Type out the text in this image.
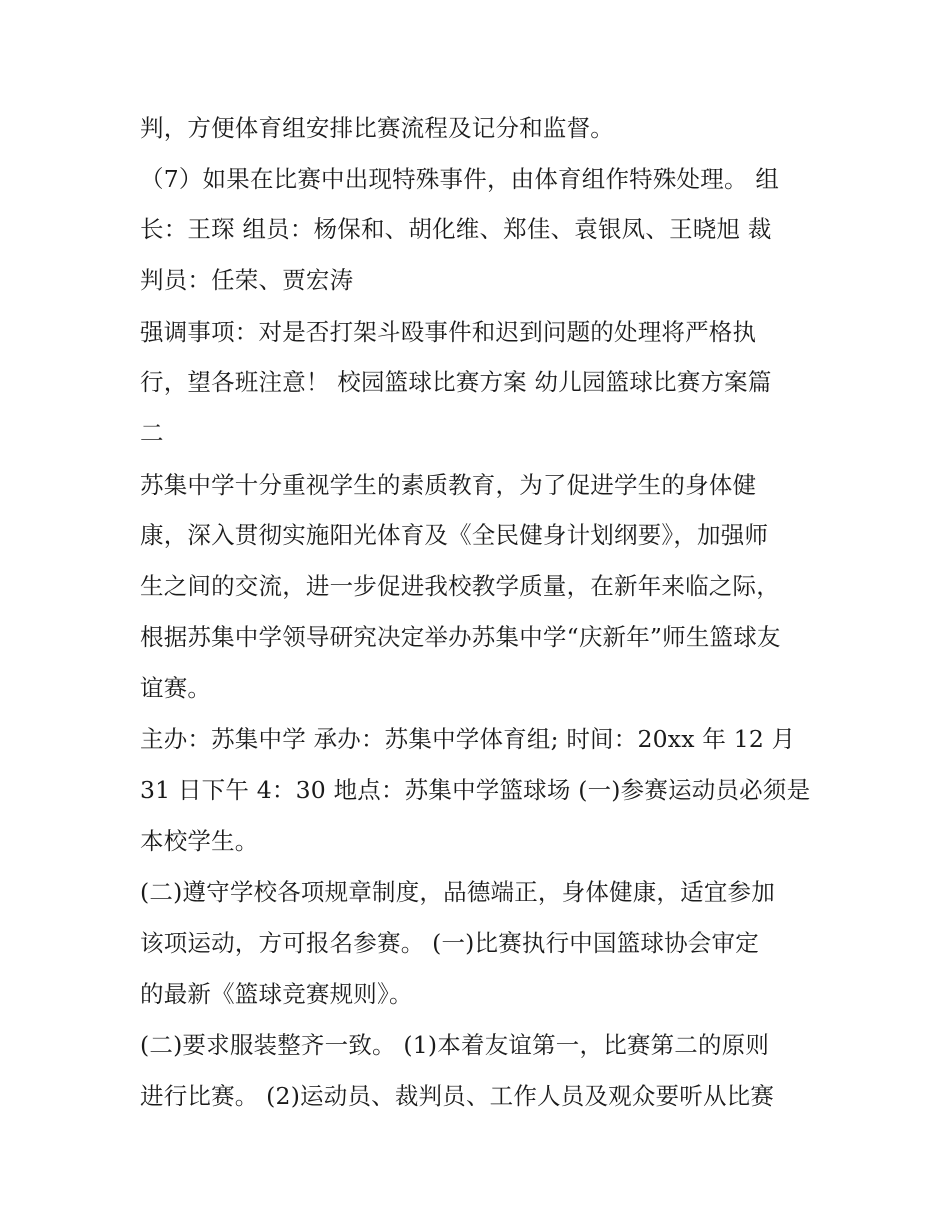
判，方便体育组安排比赛流程及记分和监督。

（7）如果在比赛中出现特殊事件，由体育组作特殊处理。 组

长：王琛 组员：杨保和、胡化维、郑佳、袁银凤、王晓旭 裁

判员：任荣、贾宏涛

强调事项：对是否打架斗殴事件和迟到问题的处理将严格执

行，望各班注意！ 校园篮球比赛方案 幼儿园篮球比赛方案篇

二

苏集中学十分重视学生的素质教育，为了促进学生的身体健

康，深入贯彻实施阳光体育及《全民健身计划纲要》，加强师

生之间的交流，进一步促进我校教学质量，在新年来临之际，

根据苏集中学领导研究决定举办苏集中学“庆新年”师生篮球友

谊赛。

主办：苏集中学 承办：苏集中学体育组; 时间：20xx 年 12 月

31 日下午 4：30 地点：苏集中学篮球场 (一)参赛运动员必须是

本校学生。

(二)遵守学校各项规章制度，品德端正，身体健康，适宜参加

该项运动，方可报名参赛。 (一)比赛执行中国篮球协会审定

的最新《篮球竞赛规则》。

(二)要求服装整齐一致。 (1)本着友谊第一，比赛第二的原则

进行比赛。 (2)运动员、裁判员、工作人员及观众要听从比赛
